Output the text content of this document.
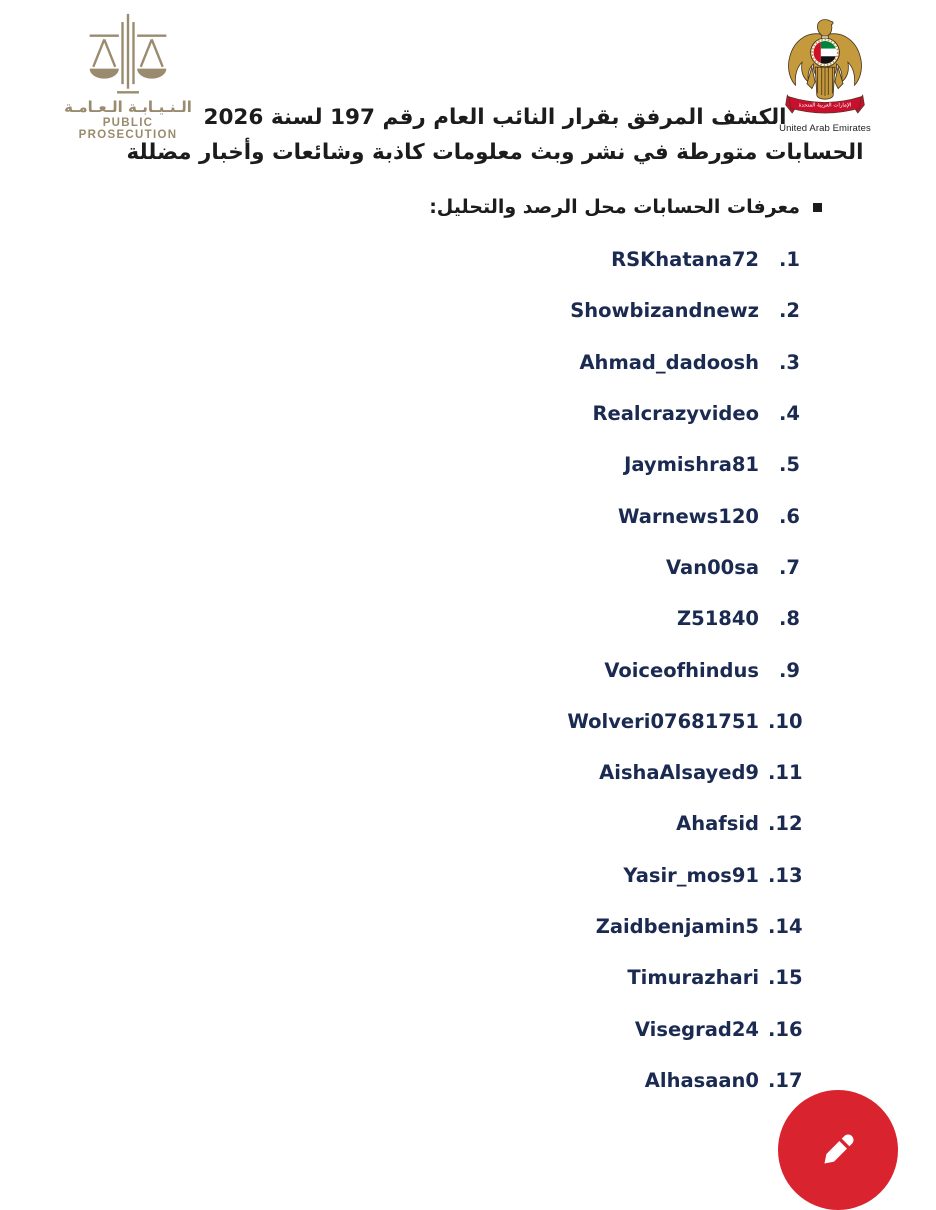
الـنـيـابـة الـعـامـة
PUBLIC PROSECUTION
الإمارات العربية المتحدة
United Arab Emirates
الكشف المرفق بقرار النائب العام رقم 197 لسنة 2026
الحسابات متورطة في نشر وبث معلومات كاذبة وشائعات وأخبار مضللة
معرفات الحسابات محل الرصد والتحليل:
RSKhatana72	.1
Showbizandnewz	.2
Ahmad_dadoosh	.3
Realcrazyvideo	.4
Jaymishra81	.5
Warnews120	.6
Van00sa	.7
Z51840	.8
Voiceofhindus	.9
Wolveri07681751 .10
AishaAlsayed9 .11
Ahafsid .12
Yasir_mos91 .13
Zaidbenjamin5 .14
Timurazhari .15
Visegrad24 .16
Alhasaan0 .17
